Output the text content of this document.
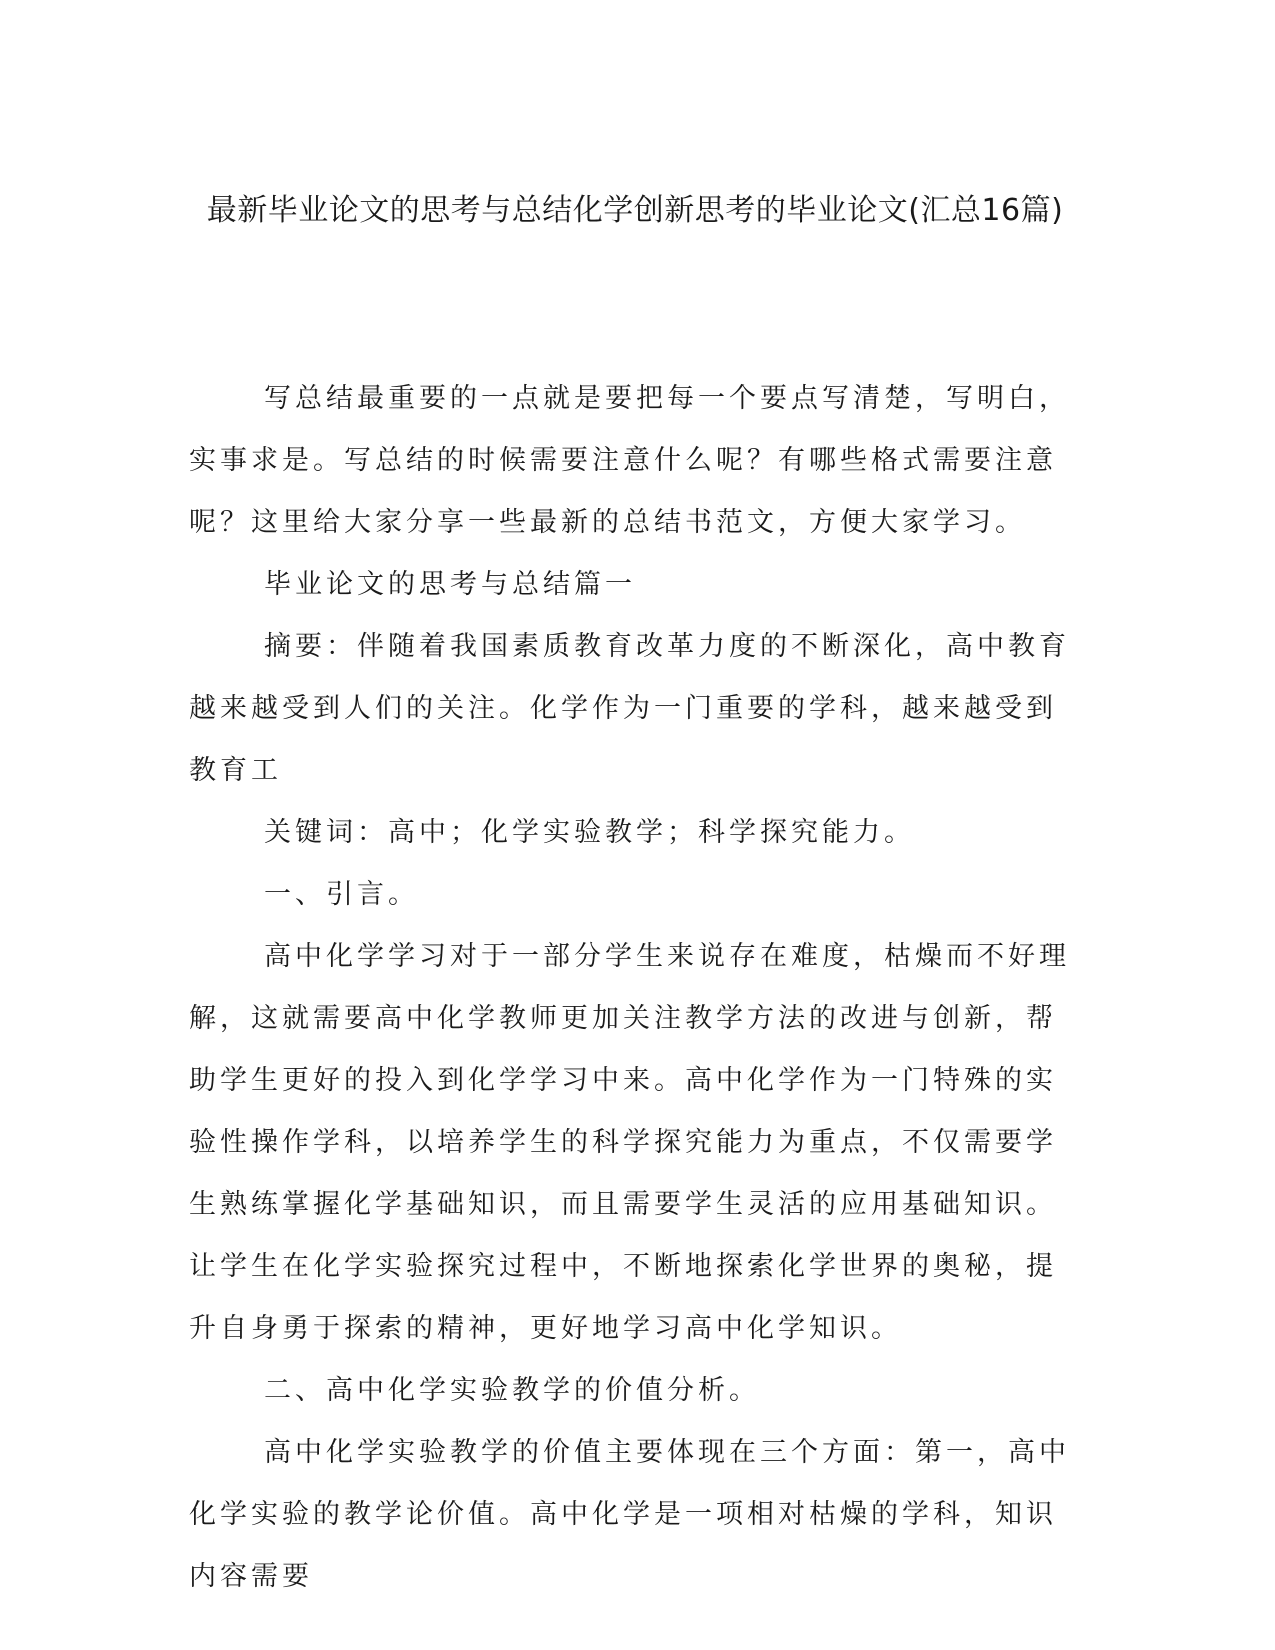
最新毕业论文的思考与总结化学创新思考的毕业论文(汇总16篇)

写总结最重要的一点就是要把每一个要点写清楚，写明白，实事求是。写总结的时候需要注意什么呢？有哪些格式需要注意呢？这里给大家分享一些最新的总结书范文，方便大家学习。

毕业论文的思考与总结篇一

摘要：伴随着我国素质教育改革力度的不断深化，高中教育越来越受到人们的关注。化学作为一门重要的学科，越来越受到教育工

关键词：高中；化学实验教学；科学探究能力。

一、引言。

高中化学学习对于一部分学生来说存在难度，枯燥而不好理解，这就需要高中化学教师更加关注教学方法的改进与创新，帮助学生更好的投入到化学学习中来。高中化学作为一门特殊的实验性操作学科，以培养学生的科学探究能力为重点，不仅需要学生熟练掌握化学基础知识，而且需要学生灵活的应用基础知识。让学生在化学实验探究过程中，不断地探索化学世界的奥秘，提升自身勇于探索的精神，更好地学习高中化学知识。

二、高中化学实验教学的价值分析。

高中化学实验教学的价值主要体现在三个方面：第一，高中化学实验的教学论价值。高中化学是一项相对枯燥的学科，知识内容需要
